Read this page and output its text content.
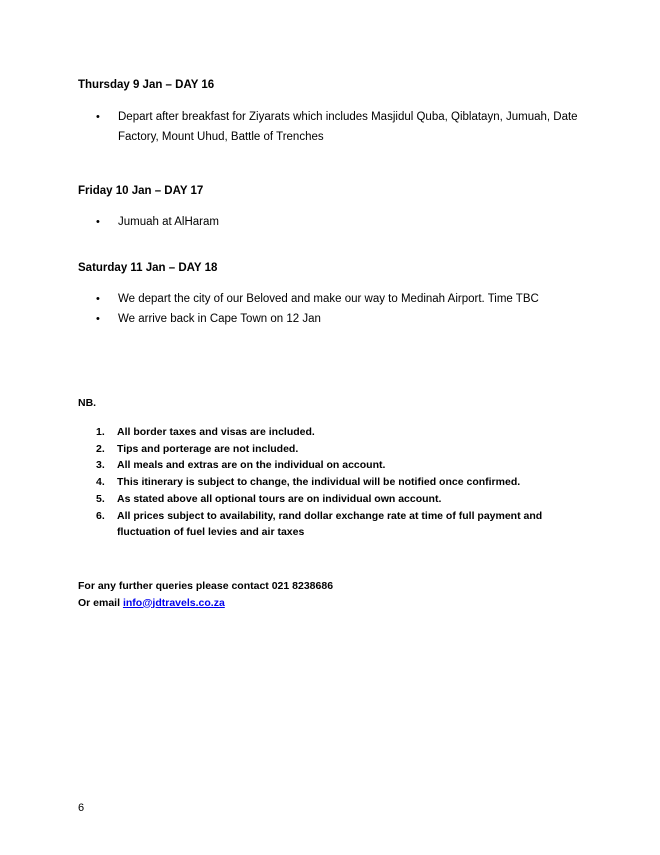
Thursday 9 Jan – DAY 16
• Depart after breakfast for Ziyarats which includes Masjidul Quba, Qiblatayn, Jumuah, Date Factory, Mount Uhud, Battle of Trenches
Friday 10 Jan – DAY 17
• Jumuah at AlHaram
Saturday 11 Jan – DAY 18
• We depart the city of our Beloved and make our way to Medinah Airport. Time TBC
• We arrive back in Cape Town on 12 Jan

NB.

1. All border taxes and visas are included.
2. Tips and porterage are not included.
3. All meals and extras are on the individual on account.
4. This itinerary is subject to change, the individual will be notified once confirmed.
5. As stated above all optional tours are on individual own account.
6. All prices subject to availability, rand dollar exchange rate at time of full payment and fluctuation of fuel levies and air taxes
For any further queries please contact 021 8238686
Or email info@jdtravels.co.za

6
